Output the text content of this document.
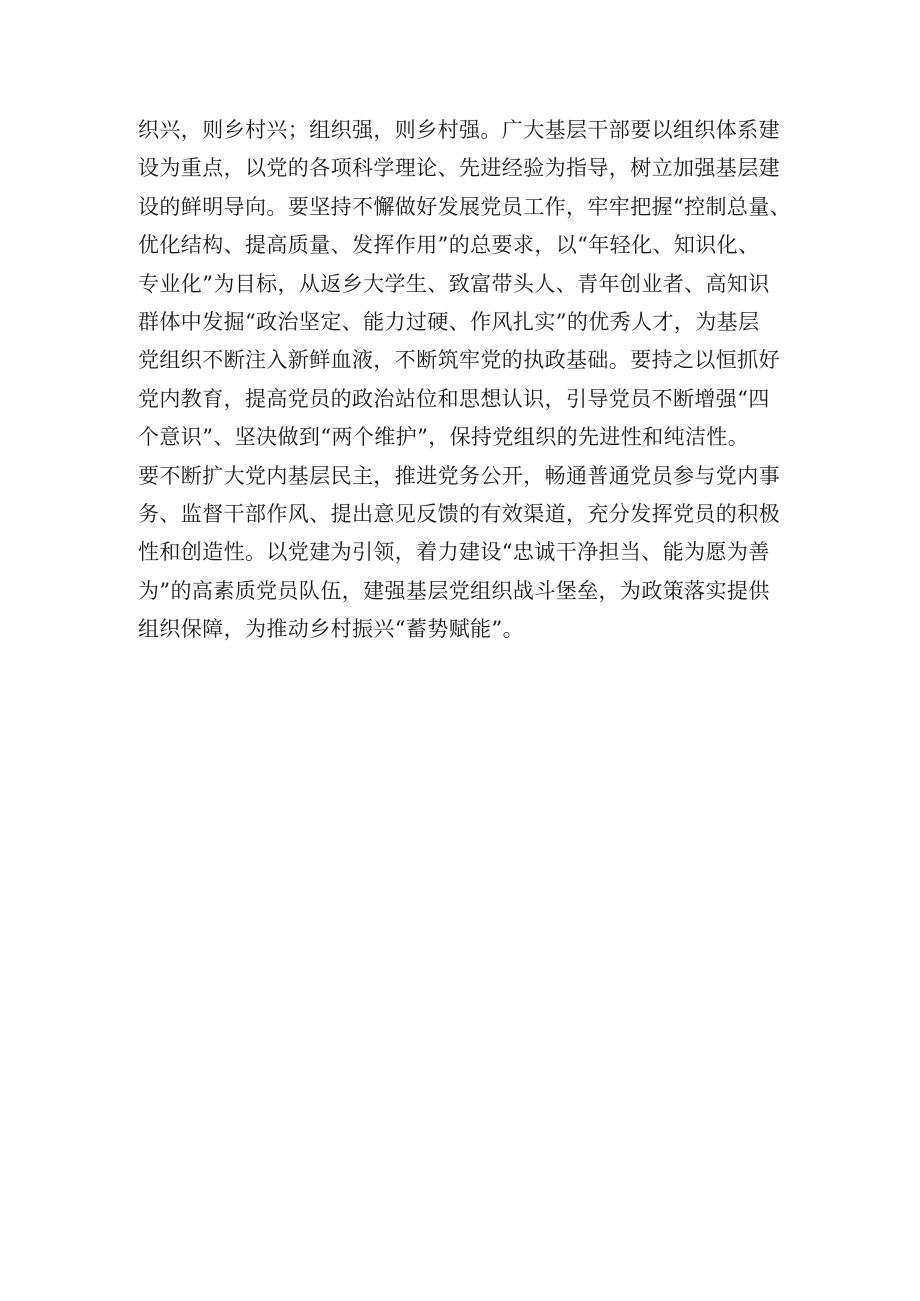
织兴，则乡村兴；组织强，则乡村强。广大基层干部要以组织体系建
设为重点，以党的各项科学理论、先进经验为指导，树立加强基层建
设的鲜明导向。要坚持不懈做好发展党员工作，牢牢把握“控制总量、
优化结构、提高质量、发挥作用”的总要求，以“年轻化、知识化、
专业化”为目标，从返乡大学生、致富带头人、青年创业者、高知识
群体中发掘“政治坚定、能力过硬、作风扎实”的优秀人才，为基层
党组织不断注入新鲜血液，不断筑牢党的执政基础。要持之以恒抓好
党内教育，提高党员的政治站位和思想认识，引导党员不断增强“四
个意识”、坚决做到“两个维护”，保持党组织的先进性和纯洁性。
要不断扩大党内基层民主，推进党务公开，畅通普通党员参与党内事
务、监督干部作风、提出意见反馈的有效渠道，充分发挥党员的积极
性和创造性。以党建为引领，着力建设“忠诚干净担当、能为愿为善
为”的高素质党员队伍，建强基层党组织战斗堡垒，为政策落实提供
组织保障，为推动乡村振兴“蓄势赋能”。
